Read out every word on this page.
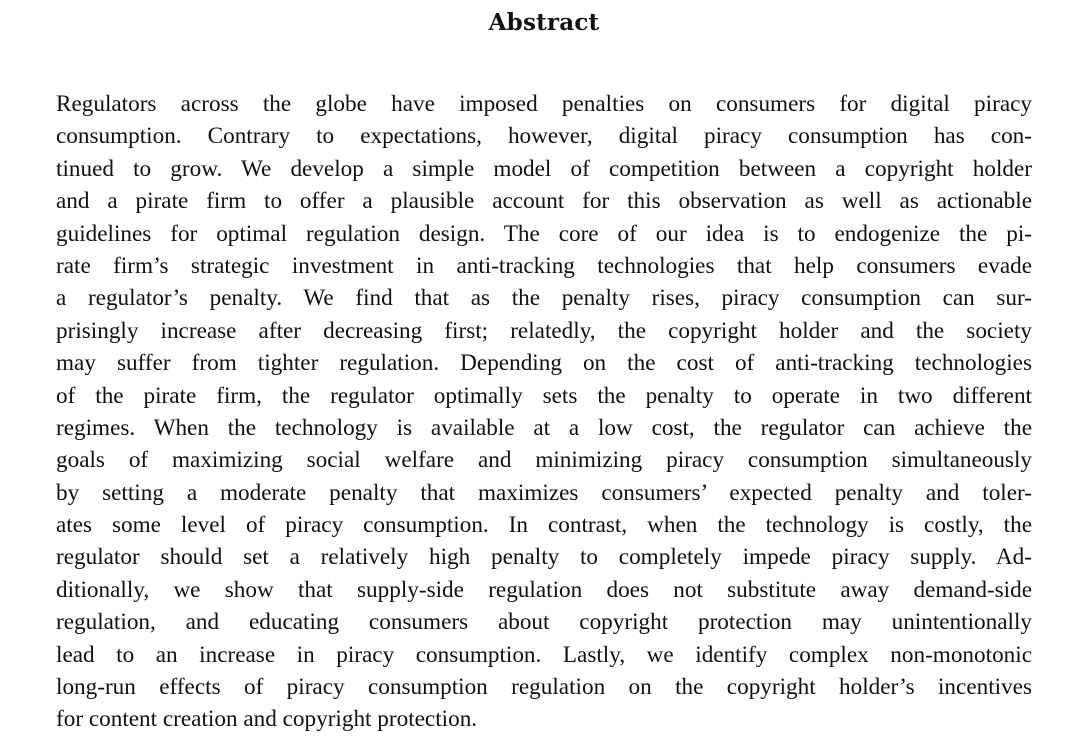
Abstract
Regulators across the globe have imposed penalties on consumers for digital piracy
consumption. Contrary to expectations, however, digital piracy consumption has con-
tinued to grow. We develop a simple model of competition between a copyright holder
and a pirate firm to offer a plausible account for this observation as well as actionable
guidelines for optimal regulation design. The core of our idea is to endogenize the pi-
rate firm’s strategic investment in anti-tracking technologies that help consumers evade
a regulator’s penalty. We find that as the penalty rises, piracy consumption can sur-
prisingly increase after decreasing first; relatedly, the copyright holder and the society
may suffer from tighter regulation. Depending on the cost of anti-tracking technologies
of the pirate firm, the regulator optimally sets the penalty to operate in two different
regimes. When the technology is available at a low cost, the regulator can achieve the
goals of maximizing social welfare and minimizing piracy consumption simultaneously
by setting a moderate penalty that maximizes consumers’ expected penalty and toler-
ates some level of piracy consumption. In contrast, when the technology is costly, the
regulator should set a relatively high penalty to completely impede piracy supply. Ad-
ditionally, we show that supply-side regulation does not substitute away demand-side
regulation, and educating consumers about copyright protection may unintentionally
lead to an increase in piracy consumption. Lastly, we identify complex non-monotonic
long-run effects of piracy consumption regulation on the copyright holder’s incentives
for content creation and copyright protection.
